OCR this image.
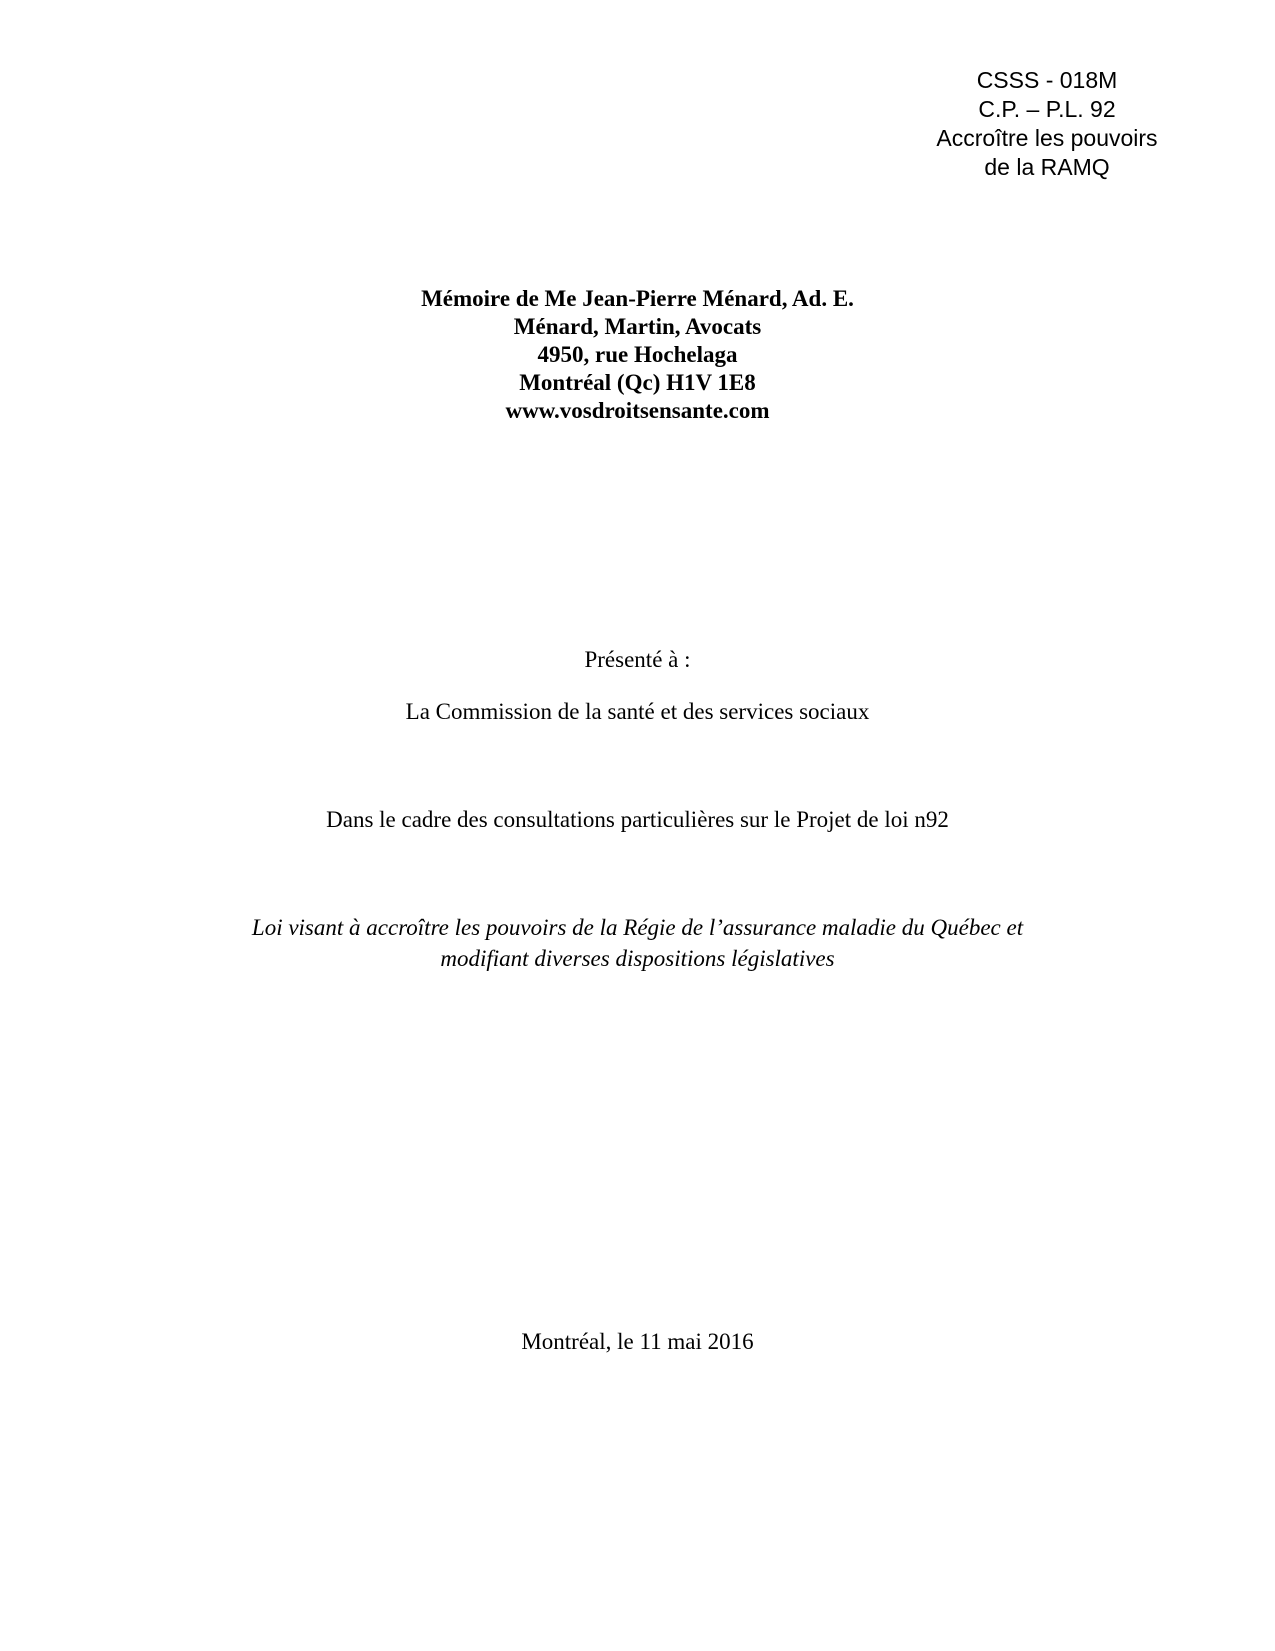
CSSS - 018M
C.P. – P.L. 92
Accroître les pouvoirs
de la RAMQ
Mémoire de Me Jean-Pierre Ménard, Ad. E.
Ménard, Martin, Avocats
4950, rue Hochelaga
Montréal (Qc) H1V 1E8
www.vosdroitsensante.com
Présenté à :
La Commission de la santé et des services sociaux
Dans le cadre des consultations particulières sur le Projet de loi n92
Loi visant à accroître les pouvoirs de la Régie de l’assurance maladie du Québec et
modifiant diverses dispositions législatives
Montréal, le 11 mai 2016
